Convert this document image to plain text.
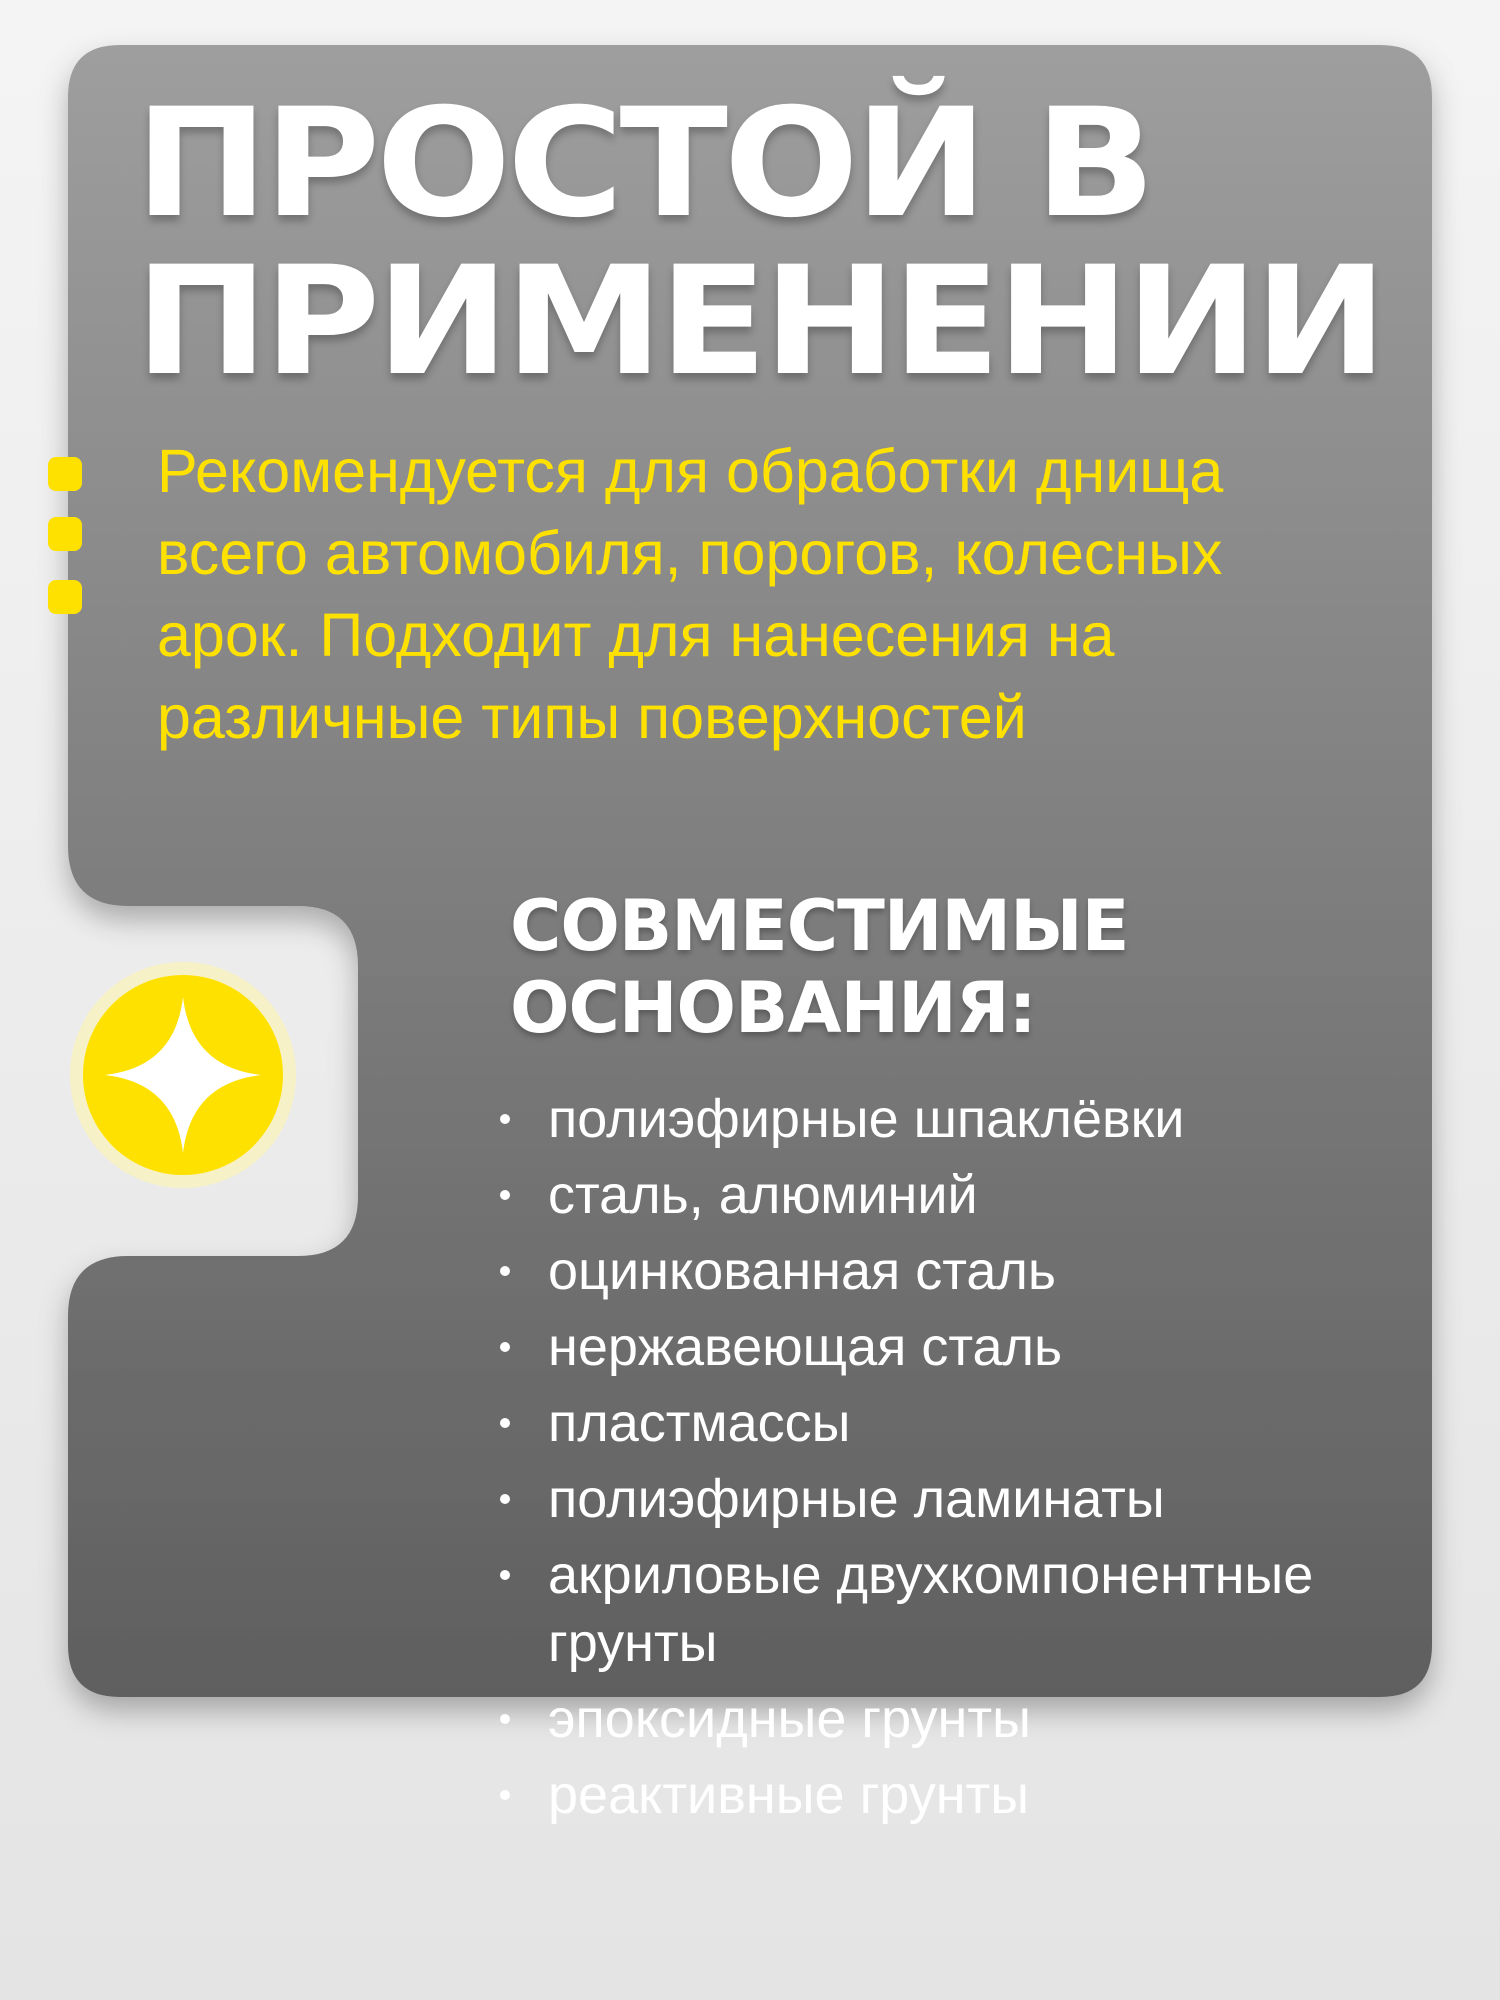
ПРОСТОЙ В
ПРИМЕНЕНИИ

Рекомендуется для обработки днища
всего автомобиля, порогов, колесных
арок. Подходит для нанесения на
различные типы поверхностей

СОВМЕСТИМЫЕ
ОСНОВАНИЯ:
полиэфирные шпаклёвки
сталь, алюминий
оцинкованная сталь
нержавеющая сталь
пластмассы
полиэфирные ламинаты
акриловые двухкомпонентные грунты
эпоксидные грунты
реактивные грунты
